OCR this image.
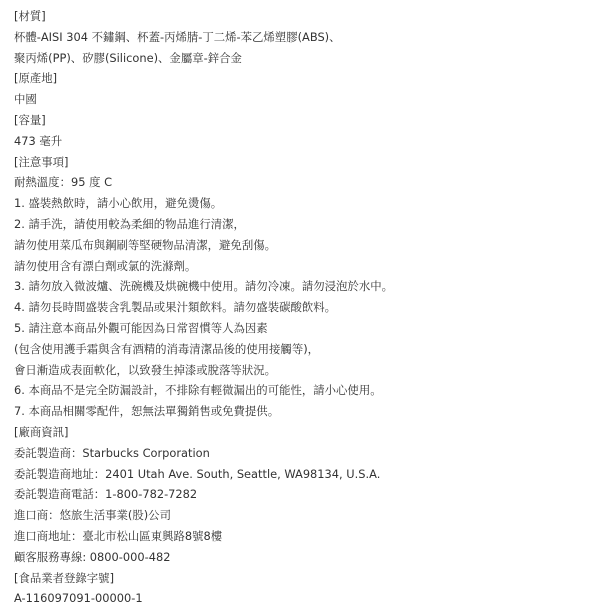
[材質]
杯體-AISI 304 不鏽鋼、杯蓋-丙烯腈-丁二烯-苯乙烯塑膠(ABS)、
聚丙烯(PP)、矽膠(Silicone)、金屬章-鋅合金
[原產地]
中國
[容量]
473 毫升
[注意事項]
耐熱溫度：95 度 C
1. 盛裝熱飲時，請小心飲用，避免燙傷。
2. 請手洗，請使用較為柔細的物品進行清潔，
請勿使用菜瓜布與鋼刷等堅硬物品清潔，避免刮傷。
請勿使用含有漂白劑或氯的洗滌劑。
3. 請勿放入微波爐、洗碗機及烘碗機中使用。請勿冷凍。請勿浸泡於水中。
4. 請勿長時間盛裝含乳製品或果汁類飲料。請勿盛裝碳酸飲料。
5. 請注意本商品外觀可能因為日常習慣等人為因素
(包含使用護手霜與含有酒精的消毒清潔品後的使用接觸等)，
會日漸造成表面軟化，以致發生掉漆或脫落等狀況。
6. 本商品不是完全防漏設計，不排除有輕微漏出的可能性，請小心使用。
7. 本商品相關零配件，恕無法單獨銷售或免費提供。
[廠商資訊]
委託製造商：Starbucks Corporation
委託製造商地址：2401 Utah Ave. South, Seattle, WA98134, U.S.A.
委託製造商電話：1-800-782-7282
進口商：悠旅生活事業(股)公司
進口商地址：臺北市松山區東興路8號8樓
顧客服務專線: 0800-000-482
[食品業者登錄字號]
A-116097091-00000-1
